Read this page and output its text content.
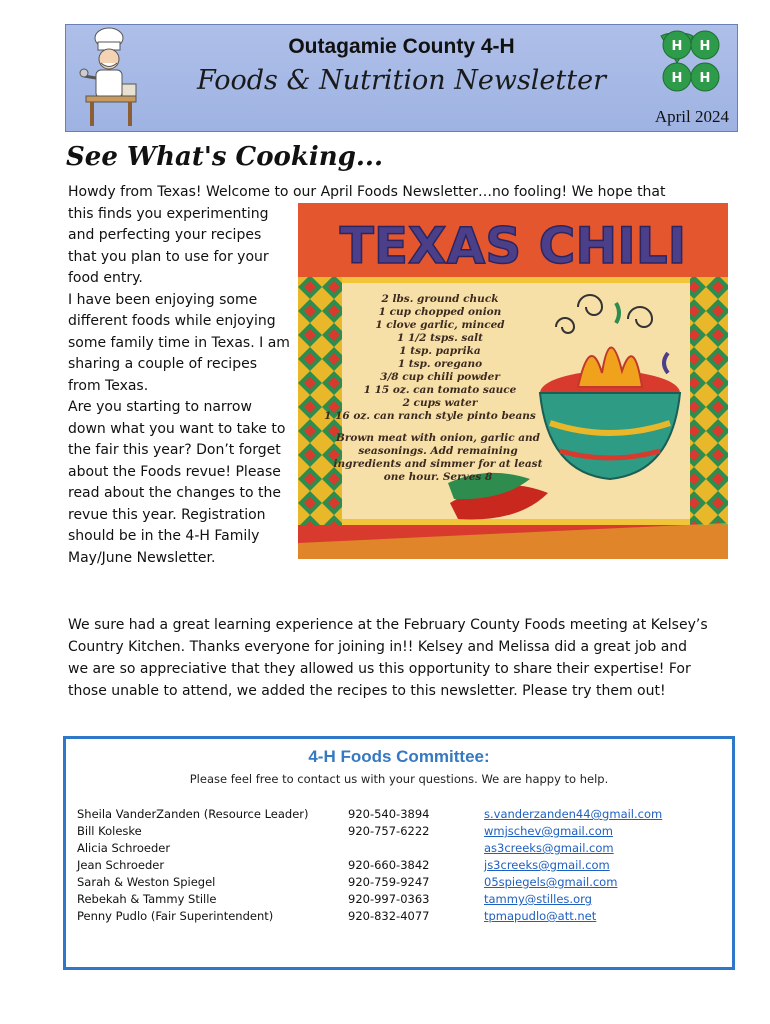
Outagamie County 4-H
Foods & Nutrition Newsletter
April 2024
H H
H H
See What's Cooking...
Howdy from Texas! Welcome to our April Foods Newsletter…no fooling! We hope that

this finds you experimenting and perfecting your recipes that you plan to use for your food entry.

I have been enjoying some different foods while enjoying some family time in Texas. I am sharing a couple of recipes from Texas.

Are you starting to narrow down what you want to take to the fair this year? Don’t forget about the Foods revue! Please read about the changes to the revue this year. Registration should be in the 4-H Family May/June Newsletter.

TEXAS CHILI
2 lbs. ground chuck
1 cup chopped onion
1 clove garlic, minced
1 1/2 tsps. salt
1 tsp. paprika
1 tsp. oregano
3/8 cup chili powder
1 15 oz. can tomato sauce
2 cups water
1 16 oz. can ranch style pinto beans
Brown meat with onion, garlic and
seasonings. Add remaining
ingredients and simmer for at least
one hour. Serves 8

We sure had a great learning experience at the February County Foods meeting at Kelsey’s Country Kitchen. Thanks everyone for joining in!! Kelsey and Melissa did a great job and we are so appreciative that they allowed us this opportunity to share their expertise! For those unable to attend, we added the recipes to this newsletter. Please try them out!

4-H Foods Committee:
Please feel free to contact us with your questions. We are happy to help.
Sheila VanderZanden (Resource Leader)
Bill Koleske
Alicia Schroeder
Jean Schroeder
Sarah & Weston Spiegel
Rebekah & Tammy Stille
Penny Pudlo (Fair Superintendent)
920-540-3894
920-757-6222
920-660-3842
920-759-9247
920-997-0363
920-832-4077
s.vanderzanden44@gmail.com
wmjschev@gmail.com
as3creeks@gmail.com
js3creeks@gmail.com
05spiegels@gmail.com
tammy@stilles.org
tpmapudlo@att.net
